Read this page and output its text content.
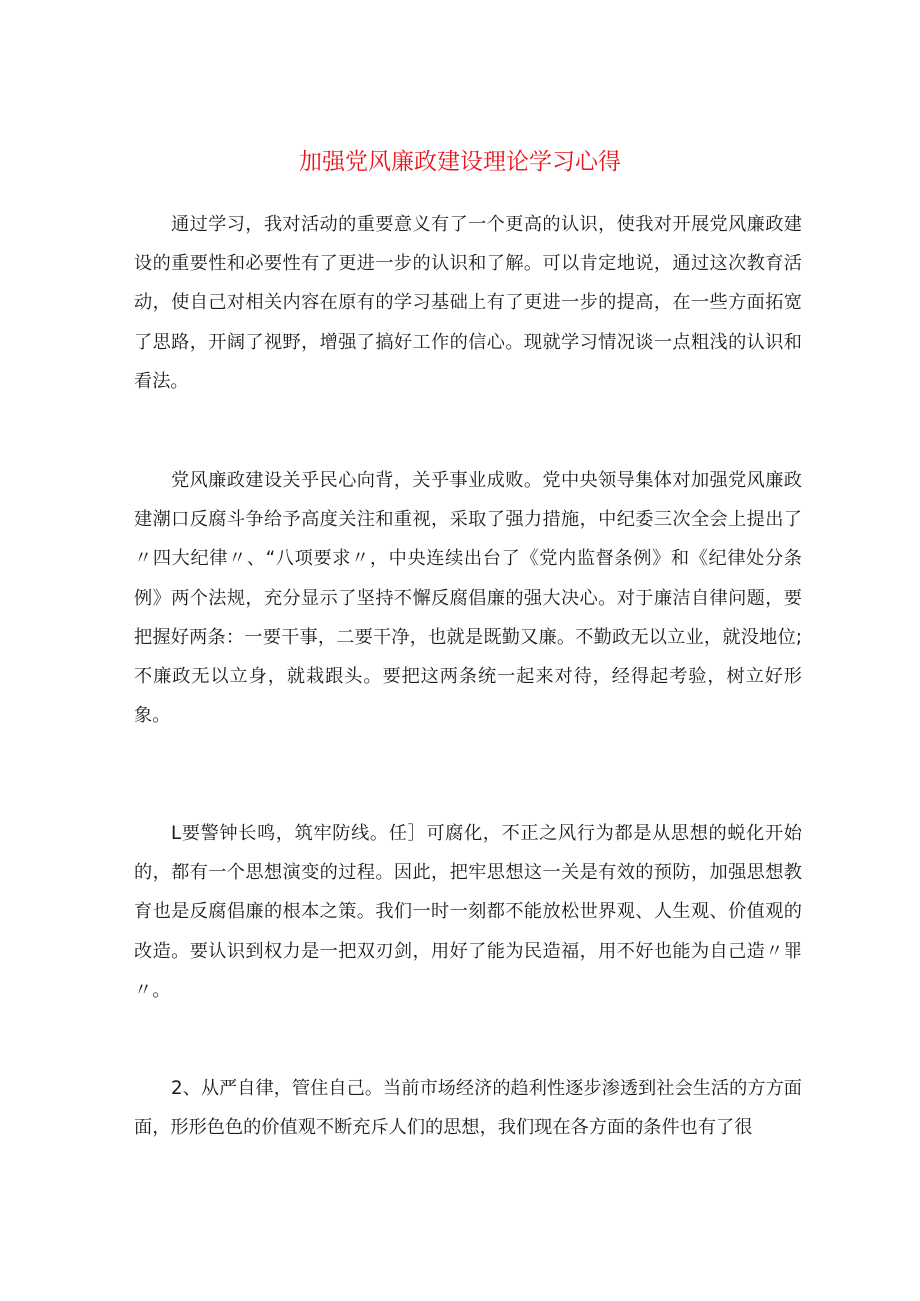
加强党风廉政建设理论学习心得

通过学习，我对活动的重要意义有了一个更高的认识，使我对开展党风廉政建设的重要性和必要性有了更进一步的认识和了解。可以肯定地说，通过这次教育活动，使自己对相关内容在原有的学习基础上有了更进一步的提高，在一些方面拓宽了思路，开阔了视野，增强了搞好工作的信心。现就学习情况谈一点粗浅的认识和看法。

党风廉政建设关乎民心向背，关乎事业成败。党中央领导集体对加强党风廉政建潮口反腐斗争给予高度关注和重视，采取了强力措施，中纪委三次全会上提出了〃四大纪律〃、“八项要求〃，中央连续出台了《党内监督条例》和《纪律处分条例》两个法规，充分显示了坚持不懈反腐倡廉的强大决心。对于廉洁自律问题，要把握好两条：一要干事，二要干净，也就是既勤又廉。不勤政无以立业，就没地位;不廉政无以立身，就栽跟头。要把这两条统一起来对待，经得起考验，树立好形象。

L要警钟长鸣，筑牢防线。任］可腐化，不正之风行为都是从思想的蜕化开始的，都有一个思想演变的过程。因此，把牢思想这一关是有效的预防，加强思想教育也是反腐倡廉的根本之策。我们一时一刻都不能放松世界观、人生观、价值观的改造。要认识到权力是一把双刃剑，用好了能为民造福，用不好也能为自己造〃罪〃。

2、从严自律，管住自己。当前市场经济的趋利性逐步渗透到社会生活的方方面面，形形色色的价值观不断充斥人们的思想，我们现在各方面的条件也有了很
